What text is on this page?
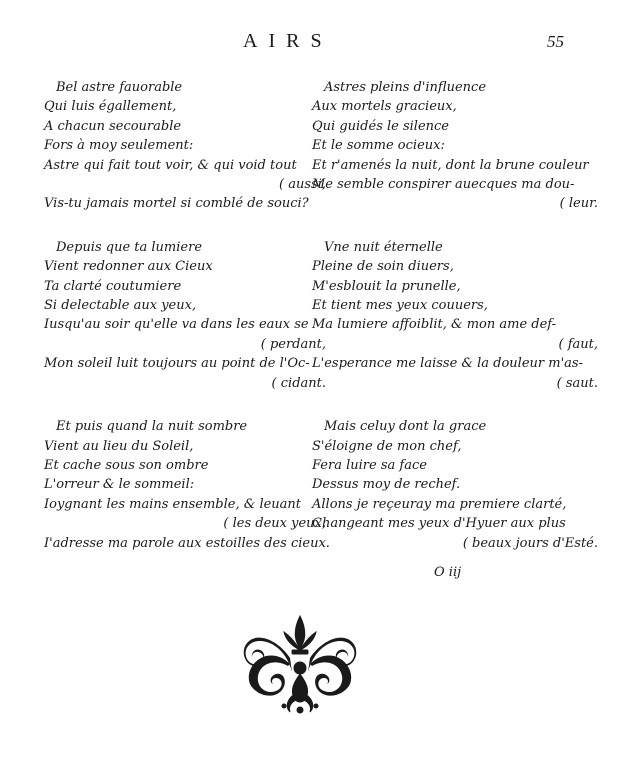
AIRS	55
Bel astre fauorable
Qui luis égallement,
A chacun secourable
Fors à moy seulement:
Astre qui fait tout voir, & qui void tout
( aussi,
Vis-tu jamais mortel si comblé de souci?
Depuis que ta lumiere
Vient redonner aux Cieux
Ta clarté coutumiere
Si delectable aux yeux,
Iusqu'au soir qu'elle va dans les eaux se
( perdant,
Mon soleil luit toujours au point de l'Oc-
( cidant.
Et puis quand la nuit sombre
Vient au lieu du Soleil,
Et cache sous son ombre
L'orreur & le sommeil:
Ioygnant les mains ensemble, & leuant
( les deux yeux,
I'adresse ma parole aux estoilles des cieux.
Astres pleins d'influence
Aux mortels gracieux,
Qui guidés le silence
Et le somme ocieux:
Et r'amenés la nuit, dont la brune couleur
Me semble conspirer auecques ma dou-
( leur.
Vne nuit éternelle
Pleine de soin diuers,
M'esblouit la prunelle,
Et tient mes yeux couuers,
Ma lumiere affoiblit, & mon ame def-
( faut,
L'esperance me laisse & la douleur m'as-
( saut.
Mais celuy dont la grace
S'éloigne de mon chef,
Fera luire sa face
Dessus moy de rechef.
Allons je reçeuray ma premiere clarté,
Changeant mes yeux d'Hyuer aux plus
( beaux jours d'Esté.
O iij
